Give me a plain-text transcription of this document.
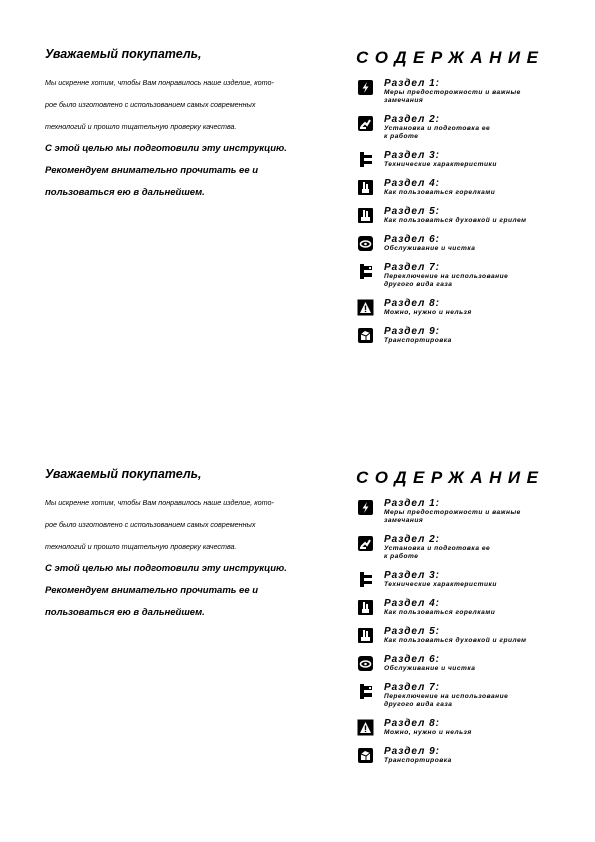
Уважаемый покупатель,
Мы искренне хотим, чтобы Вам понравилось наше изделие, кото-
рое было изготовлено с использованием самых современных
технологий и прошло тщательную проверку качества.
С этой целью мы подготовили эту инструкцию.
Рекомендуем внимательно прочитать ее и
пользоваться ею в дальнейшем.
СОДЕРЖАНИЕ
Раздел 1:
Меры предосторожности и важные
замечания
Раздел 2:
Установка и подготовка ее
к работе
Раздел 3:
Технические характеристики
Раздел 4:
Как пользоваться горелками
Раздел 5:
Как пользоваться духовкой и грилем
Раздел 6:
Обслуживание и чистка
Раздел 7:
Переключение на использование
другого вида газа
Раздел 8:
Можно, нужно и нельзя
Раздел 9:
Транспортировка
Уважаемый покупатель,
Мы искренне хотим, чтобы Вам понравилось наше изделие, кото-
рое было изготовлено с использованием самых современных
технологий и прошло тщательную проверку качества.
С этой целью мы подготовили эту инструкцию.
Рекомендуем внимательно прочитать ее и
пользоваться ею в дальнейшем.
СОДЕРЖАНИЕ
Раздел 1:
Меры предосторожности и важные
замечания
Раздел 2:
Установка и подготовка ее
к работе
Раздел 3:
Технические характеристики
Раздел 4:
Как пользоваться горелками
Раздел 5:
Как пользоваться духовкой и грилем
Раздел 6:
Обслуживание и чистка
Раздел 7:
Переключение на использование
другого вида газа
Раздел 8:
Можно, нужно и нельзя
Раздел 9:
Транспортировка
